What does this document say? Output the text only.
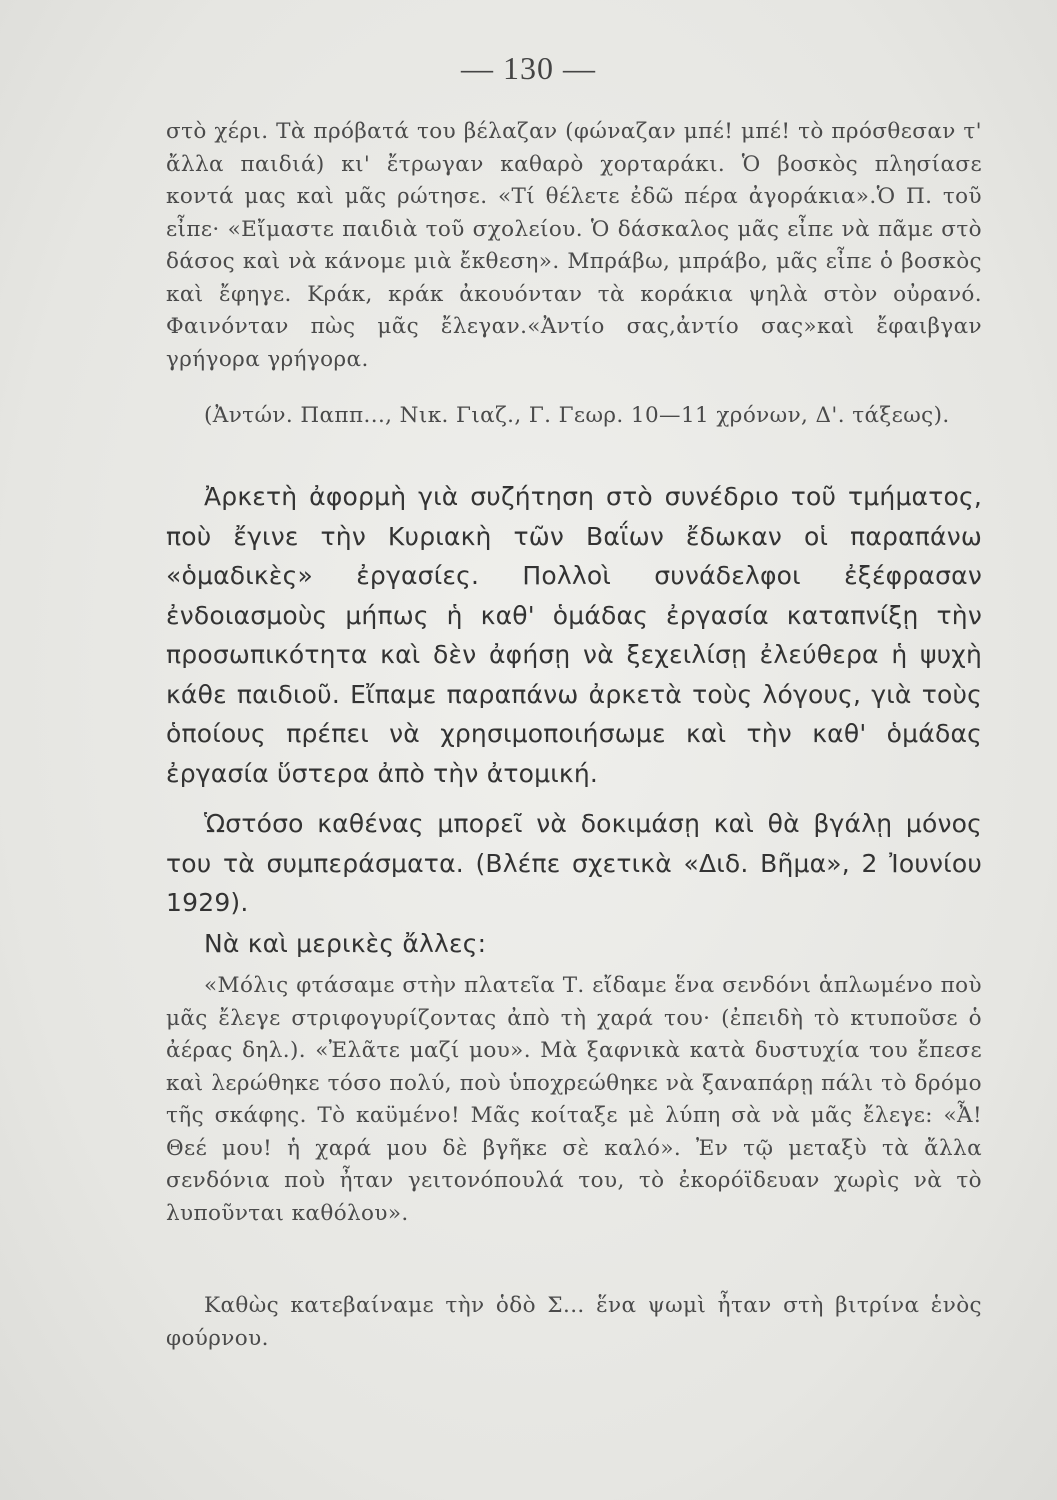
— 130 —

στὸ χέρι. Τὰ πρόβατά του βέλαζαν (φώναζαν μπέ! μπέ! τὸ πρόσθεσαν τ' ἄλλα παιδιά) κι' ἔτρωγαν καθαρὸ χορταράκι. Ὁ βοσκὸς πλησίασε κοντά μας καὶ μᾶς ρώτησε. «Τί θέλετε ἐδῶ πέρα ἀγοράκια».Ὁ Π. τοῦ εἶπε· «Εἴμαστε παιδιὰ τοῦ σχολείου. Ὁ δάσκαλος μᾶς εἶπε νὰ πᾶμε στὸ δάσος καὶ νὰ κάνομε μιὰ ἔκθεση». Μπράβω, μπράβο, μᾶς εἶπε ὁ βοσκὸς καὶ ἔφηγε. Κράκ, κράκ ἀκουόνταν τὰ κοράκια ψηλὰ στὸν οὐρανό. Φαινόνταν πὼς μᾶς ἔλεγαν.«Ἀντίο σας,ἀντίο σας»καὶ ἔφαιβγαν γρήγορα γρήγορα.

(Ἀντών. Παππ..., Νικ. Γιαζ., Γ. Γεωρ. 10—11 χρόνων, Δ'. τάξεως).

Ἀρκετὴ ἀφορμὴ γιὰ συζήτηση στὸ συνέδριο τοῦ τμήματος, ποὺ ἔγινε τὴν Κυριακὴ τῶν Βαΐων ἔδωκαν οἱ παραπάνω «ὁμαδικὲς» ἐργασίες. Πολλοὶ συνάδελφοι ἐξέφρασαν ἐνδοιασμοὺς μήπως ἡ καθ' ὁμάδας ἐργασία καταπνίξῃ τὴν προσωπικότητα καὶ δὲν ἀφήσῃ νὰ ξεχειλίσῃ ἐλεύθερα ἡ ψυχὴ κάθε παιδιοῦ. Εἴπαμε παραπάνω ἀρκετὰ τοὺς λόγους, γιὰ τοὺς ὁποίους πρέπει νὰ χρησιμοποιήσωμε καὶ τὴν καθ' ὁμάδας ἐργασία ὕστερα ἀπὸ τὴν ἀτομική.

Ὡστόσο καθένας μπορεῖ νὰ δοκιμάσῃ καὶ θὰ βγάλῃ μόνος του τὰ συμπεράσματα. (Βλέπε σχετικὰ «Διδ. Βῆμα», 2 Ἰουνίου 1929).

Νὰ καὶ μερικὲς ἄλλες:

«Μόλις φτάσαμε στὴν πλατεῖα Τ. εἴδαμε ἕνα σενδόνι ἁπλωμένο ποὺ μᾶς ἔλεγε στριφογυρίζοντας ἀπὸ τὴ χαρά του· (ἐπειδὴ τὸ κτυποῦσε ὁ ἀέρας δηλ.). «Ἐλᾶτε μαζί μου». Μὰ ξαφνικὰ κατὰ δυστυχία του ἔπεσε καὶ λερώθηκε τόσο πολύ, ποὺ ὑποχρεώθηκε νὰ ξαναπάρῃ πάλι τὸ δρόμο τῆς σκάφης. Τὸ καϋμένο! Μᾶς κοίταξε μὲ λύπη σὰ νὰ μᾶς ἔλεγε: «Ἆ! Θεέ μου! ἡ χαρά μου δὲ βγῆκε σὲ καλό». Ἐν τῷ μεταξὺ τὰ ἄλλα σενδόνια ποὺ ἦταν γειτονόπουλά του, τὸ ἐκορόϊδευαν χωρὶς νὰ τὸ λυποῦνται καθόλου».

Καθὼς κατεβαίναμε τὴν ὁδὸ Σ... ἕνα ψωμὶ ἦταν στὴ βιτρίνα ἑνὸς φούρνου.
